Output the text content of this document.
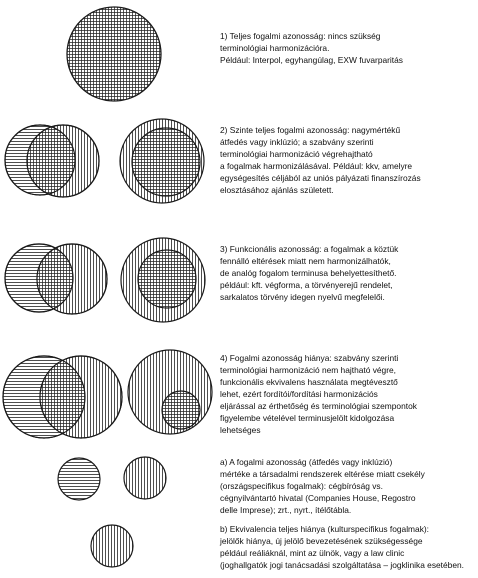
1) Teljes fogalmi azonosság: nincs szükség
terminológiai harmonizációra.
Például: Interpol, egyhangúlag, EXW fuvarparitás
2) Szinte teljes fogalmi azonosság: nagymértékű
átfedés vagy inklúzió; a szabvány szerinti
terminológiai harmonizáció végrehajtható
a fogalmak harmonizálásával. Például: kkv, amelyre
egységesítés céljából az uniós pályázati finanszírozás
elosztásához ajánlás született.
3) Funkcionális azonosság: a fogalmak a köztük
fennálló eltérések miatt nem harmonizálhatók,
de analóg fogalom terminusa behelyettesíthető.
például: kft. végforma, a törvényerejű rendelet,
sarkalatos törvény idegen nyelvű megfelelői.
4) Fogalmi azonosság hiánya: szabvány szerinti
terminológiai harmonizáció nem hajtható végre,
funkcionális ekvivalens használata megtévesztő
lehet, ezért fordítói/fordítási harmonizációs
eljárással az érthetőség és terminológiai szempontok
figyelembe vételével terminusjelölt kidolgozása
lehetséges
a) A fogalmi azonosság (átfedés vagy inklúzió)
mértéke a társadalmi rendszerek eltérése miatt csekély
(országspecifikus fogalmak): cégbíróság vs.
cégnyilvántartó hivatal (Companies House, Regostro
delle Imprese); zrt., nyrt., ítélőtábla.
b) Ekvivalencia teljes hiánya (kulturspecifikus fogalmak):
jelölők hiánya, új jelölő bevezetésének szükségessége
például reáliáknál, mint az ülnök, vagy a law clinic
(joghallgatók jogi tanácsadási szolgáltatása – jogklinika esetében.
